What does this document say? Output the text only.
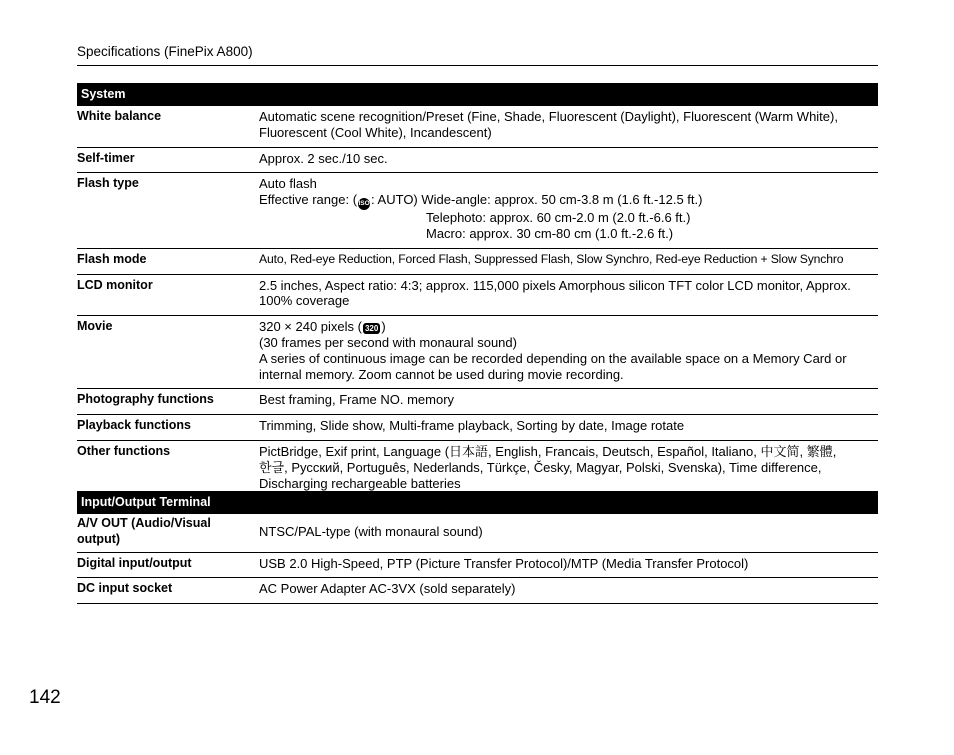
Specifications (FinePix A800)
System
White balance	Automatic scene recognition/Preset (Fine, Shade, Fluorescent (Daylight), Fluorescent (Warm White),
Fluorescent (Cool White), Incandescent)
Self-timer	Approx. 2 sec./10 sec.
Flash type	Auto flash
Effective range: (ISO: AUTO) Wide-angle: approx. 50 cm-3.8 m (1.6 ft.-12.5 ft.)
Telephoto: approx. 60 cm-2.0 m (2.0 ft.-6.6 ft.)
Macro: approx. 30 cm-80 cm (1.0 ft.-2.6 ft.)
Flash mode	Auto, Red-eye Reduction, Forced Flash, Suppressed Flash, Slow Synchro, Red-eye Reduction + Slow Synchro
LCD monitor	2.5 inches, Aspect ratio: 4:3; approx. 115,000 pixels Amorphous silicon TFT color LCD monitor, Approx.
100% coverage
Movie	320 × 240 pixels ( 320 )
(30 frames per second with monaural sound)
A series of continuous image can be recorded depending on the available space on a Memory Card or
internal memory. Zoom cannot be used during movie recording.
Photography functions	Best framing, Frame NO. memory
Playback functions	Trimming, Slide show, Multi-frame playback, Sorting by date, Image rotate
Other functions	PictBridge, Exif print, Language (日本語, English, Francais, Deutsch, Español, Italiano, 中文简, 繁體,
한글, Русский, Português, Nederlands, Türkçe, Česky, Magyar, Polski, Svenska), Time difference,
Discharging rechargeable batteries
Input/Output Terminal
A/V OUT (Audio/Visual
output)	NTSC/PAL-type (with monaural sound)
Digital input/output	USB 2.0 High-Speed, PTP (Picture Transfer Protocol)/MTP (Media Transfer Protocol)
DC input socket	AC Power Adapter AC-3VX (sold separately)
142
